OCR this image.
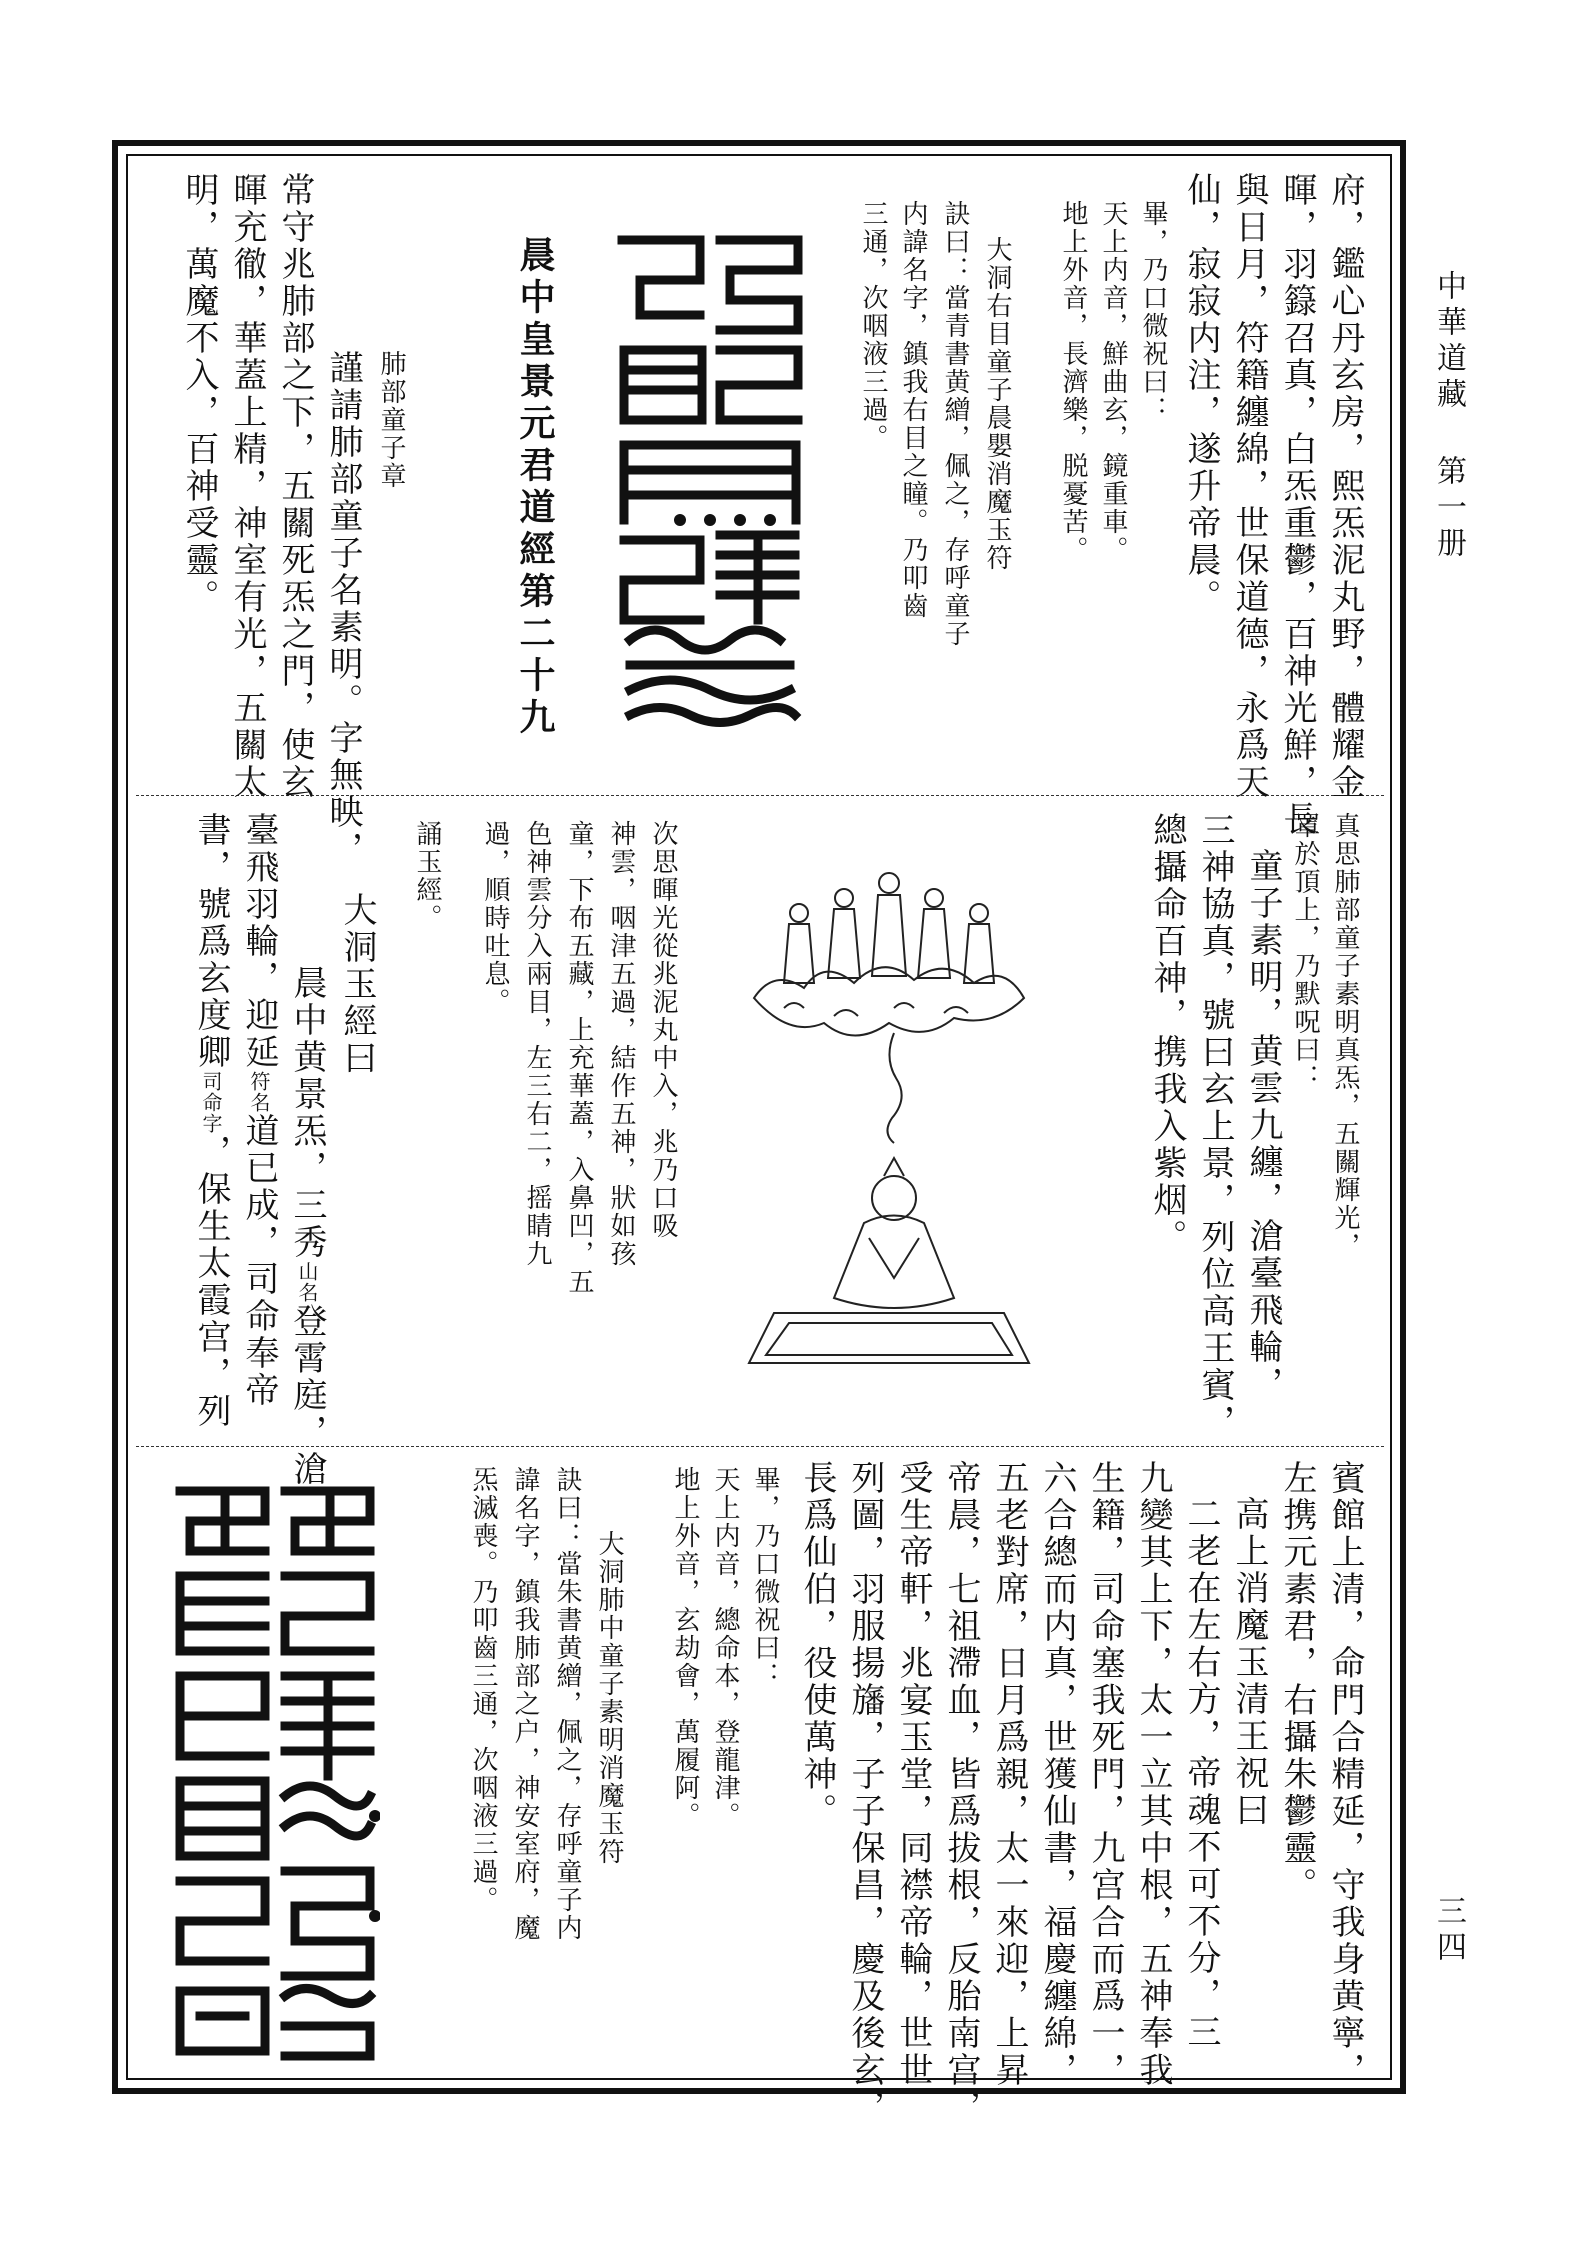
中華道藏 第一册
三四
府，鑑心丹玄房，熙炁泥丸野，體耀金
暉，羽籙召真，白炁重鬱，百神光鮮，長
與日月，符籍纏綿，世保道德，永爲天
仙，寂寂内注，遂升帝晨。
畢，乃口微祝曰：
天上内音，鮮曲玄，鏡重車。
地上外音，長濟樂，脱憂苦。
大洞右目童子晨嬰消魔玉符
訣曰：當青書黄繒，佩之，存呼童子
内諱名字，鎮我右目之瞳。乃叩齒
三通，次咽液三過。
晨中皇景元君道經第二十九
肺部童子章
謹請肺部童子名素明。字無映，
常守兆肺部之下，五關死炁之門，使玄
暉充徹，華蓋上精，神室有光，五關太
明，萬魔不入，百神受靈。
真思肺部童子素明真炁，五關輝光，
罩於頂上，乃默呪曰：
童子素明，黄雲九纏，滄臺飛輪，
三神協真，號曰玄上景，列位高王賓，
總攝命百神，携我入紫烟。
次思暉光從兆泥丸中入，兆乃口吸
神雲，咽津五過，結作五神，狀如孩
童，下布五藏，上充華蓋，入鼻凹，五
色神雲分入兩目，左三右二，摇睛九
過，順時吐息。
誦玉經。
大洞玉經曰
晨中黄景炁，三秀
山名
登霄庭，滄
臺飛羽輪，迎延
符名
道已成，司命奉帝
書，號爲玄度卿
司命字
，保生太霞宫，列
賓館上清，命門合精延，守我身黄寧，
左携元素君，右攝朱鬱靈。
高上消魔玉清王祝曰
二老在左右方，帝魂不可不分，三
九變其上下，太一立其中根，五神奉我
生籍，司命塞我死門，九宫合而爲一，
六合總而内真，世獲仙書，福慶纏綿，
五老對席，日月爲親，太一來迎，上昇
帝晨，七祖滯血，皆爲拔根，反胎南宫，
受生帝軒，兆宴玉堂，同襟帝輪，世世
列圖，羽服揚旛，子子保昌，慶及後玄，
長爲仙伯，役使萬神。
畢，乃口微祝曰：
天上内音，總命本，登龍津。
地上外音，玄劫會，萬履阿。
大洞肺中童子素明消魔玉符
訣曰：當朱書黄繒，佩之，存呼童子内
諱名字，鎮我肺部之户，神安室府，魔
炁滅喪。乃叩齒三通，次咽液三過。
